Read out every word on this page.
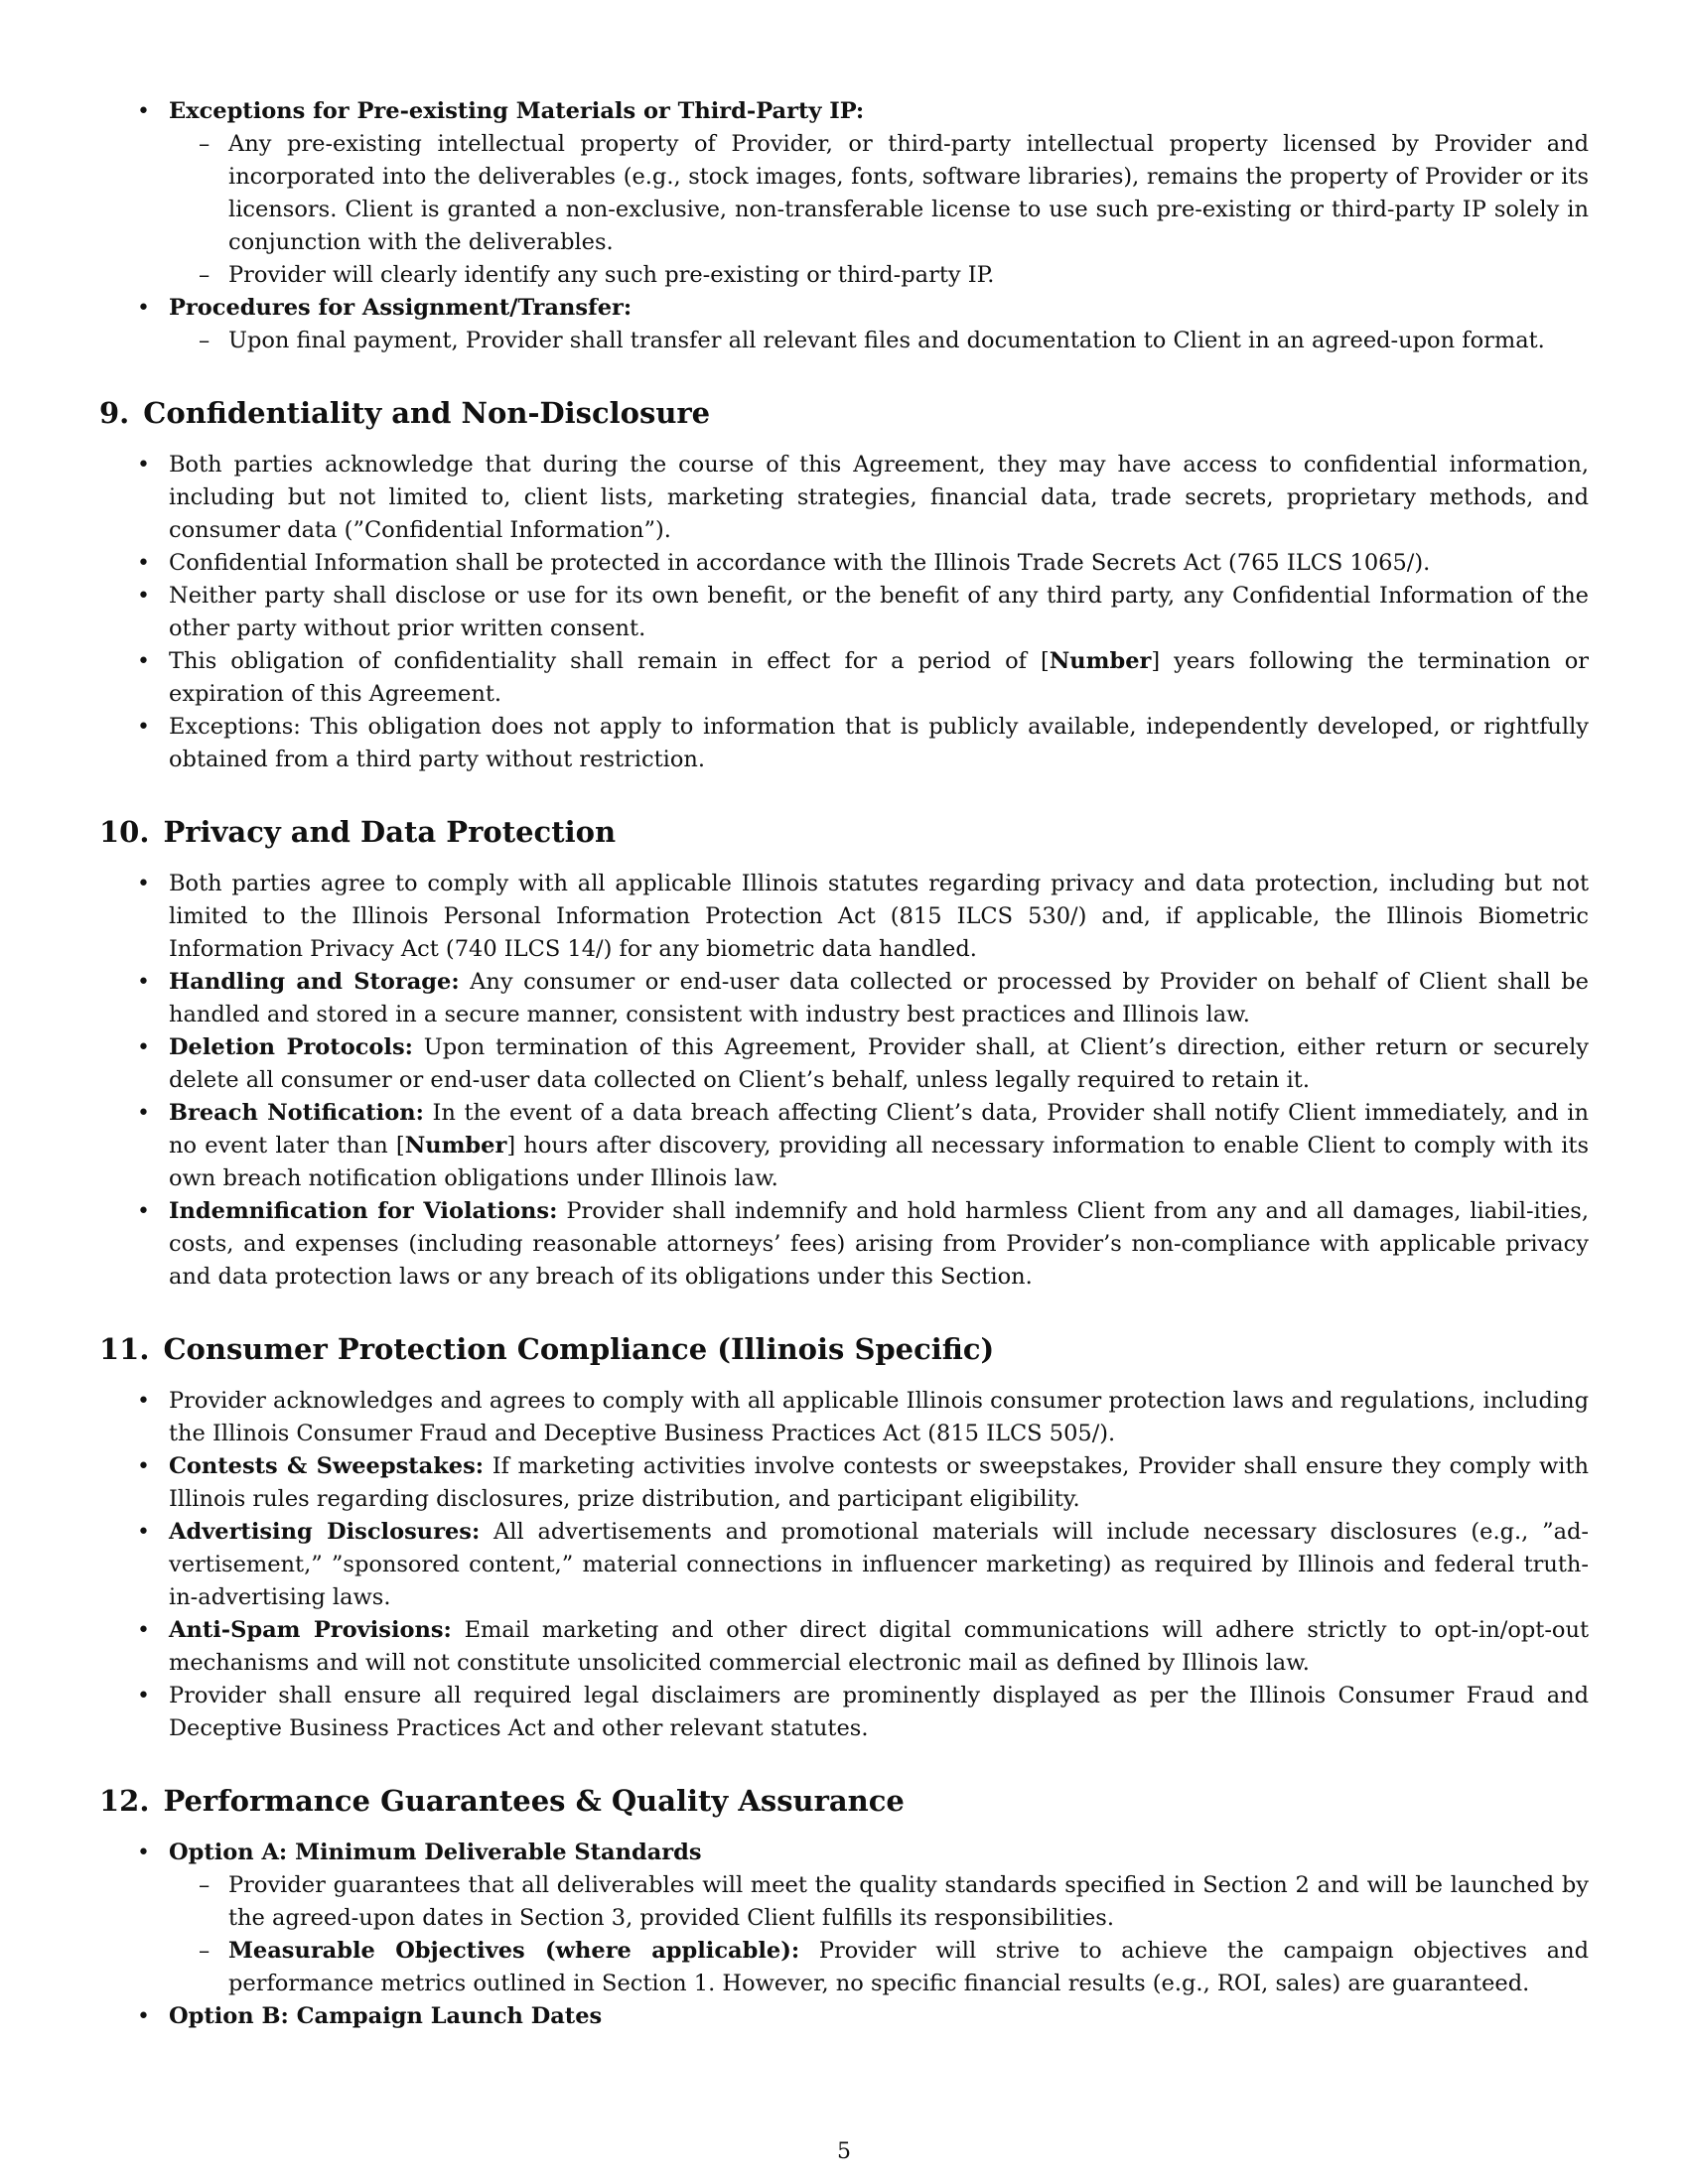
• Exceptions for Pre-existing Materials or Third-Party IP:
– Any pre-existing intellectual property of Provider, or third-party intellectual property licensed by Provider and incorporated into the deliverables (e.g., stock images, fonts, software libraries), remains the property of Provider or its licensors. Client is granted a non-exclusive, non-transferable license to use such pre-existing or third-party IP solely in conjunction with the deliverables.
– Provider will clearly identify any such pre-existing or third-party IP.
• Procedures for Assignment/Transfer:
– Upon final payment, Provider shall transfer all relevant files and documentation to Client in an agreed-upon format.
9. Confidentiality and Non-Disclosure
• Both parties acknowledge that during the course of this Agreement, they may have access to confidential information, including but not limited to, client lists, marketing strategies, financial data, trade secrets, proprietary methods, and consumer data (”Confidential Information”).
• Confidential Information shall be protected in accordance with the Illinois Trade Secrets Act (765 ILCS 1065/).
• Neither party shall disclose or use for its own benefit, or the benefit of any third party, any Confidential Information of the other party without prior written consent.
• This obligation of confidentiality shall remain in effect for a period of [Number] years following the termination or expiration of this Agreement.
• Exceptions: This obligation does not apply to information that is publicly available, independently developed, or rightfully obtained from a third party without restriction.
10. Privacy and Data Protection
• Both parties agree to comply with all applicable Illinois statutes regarding privacy and data protection, including but not limited to the Illinois Personal Information Protection Act (815 ILCS 530/) and, if applicable, the Illinois Biometric Information Privacy Act (740 ILCS 14/) for any biometric data handled.
• Handling and Storage: Any consumer or end-user data collected or processed by Provider on behalf of Client shall be handled and stored in a secure manner, consistent with industry best practices and Illinois law.
• Deletion Protocols: Upon termination of this Agreement, Provider shall, at Client’s direction, either return or securely delete all consumer or end-user data collected on Client’s behalf, unless legally required to retain it.
• Breach Notification: In the event of a data breach affecting Client’s data, Provider shall notify Client immediately, and in no event later than [Number] hours after discovery, providing all necessary information to enable Client to comply with its own breach notification obligations under Illinois law.
• Indemnification for Violations: Provider shall indemnify and hold harmless Client from any and all damages, liabil-ities, costs, and expenses (including reasonable attorneys’ fees) arising from Provider’s non-compliance with applicable privacy and data protection laws or any breach of its obligations under this Section.
11. Consumer Protection Compliance (Illinois Specific)
• Provider acknowledges and agrees to comply with all applicable Illinois consumer protection laws and regulations, including the Illinois Consumer Fraud and Deceptive Business Practices Act (815 ILCS 505/).
• Contests & Sweepstakes: If marketing activities involve contests or sweepstakes, Provider shall ensure they comply with Illinois rules regarding disclosures, prize distribution, and participant eligibility.
• Advertising Disclosures: All advertisements and promotional materials will include necessary disclosures (e.g., ”ad-vertisement,” ”sponsored content,” material connections in influencer marketing) as required by Illinois and federal truth-in-advertising laws.
• Anti-Spam Provisions: Email marketing and other direct digital communications will adhere strictly to opt-in/opt-out mechanisms and will not constitute unsolicited commercial electronic mail as defined by Illinois law.
• Provider shall ensure all required legal disclaimers are prominently displayed as per the Illinois Consumer Fraud and Deceptive Business Practices Act and other relevant statutes.
12. Performance Guarantees & Quality Assurance
• Option A: Minimum Deliverable Standards
– Provider guarantees that all deliverables will meet the quality standards specified in Section 2 and will be launched by the agreed-upon dates in Section 3, provided Client fulfills its responsibilities.
– Measurable Objectives (where applicable): Provider will strive to achieve the campaign objectives and performance metrics outlined in Section 1. However, no specific financial results (e.g., ROI, sales) are guaranteed.
• Option B: Campaign Launch Dates
5
